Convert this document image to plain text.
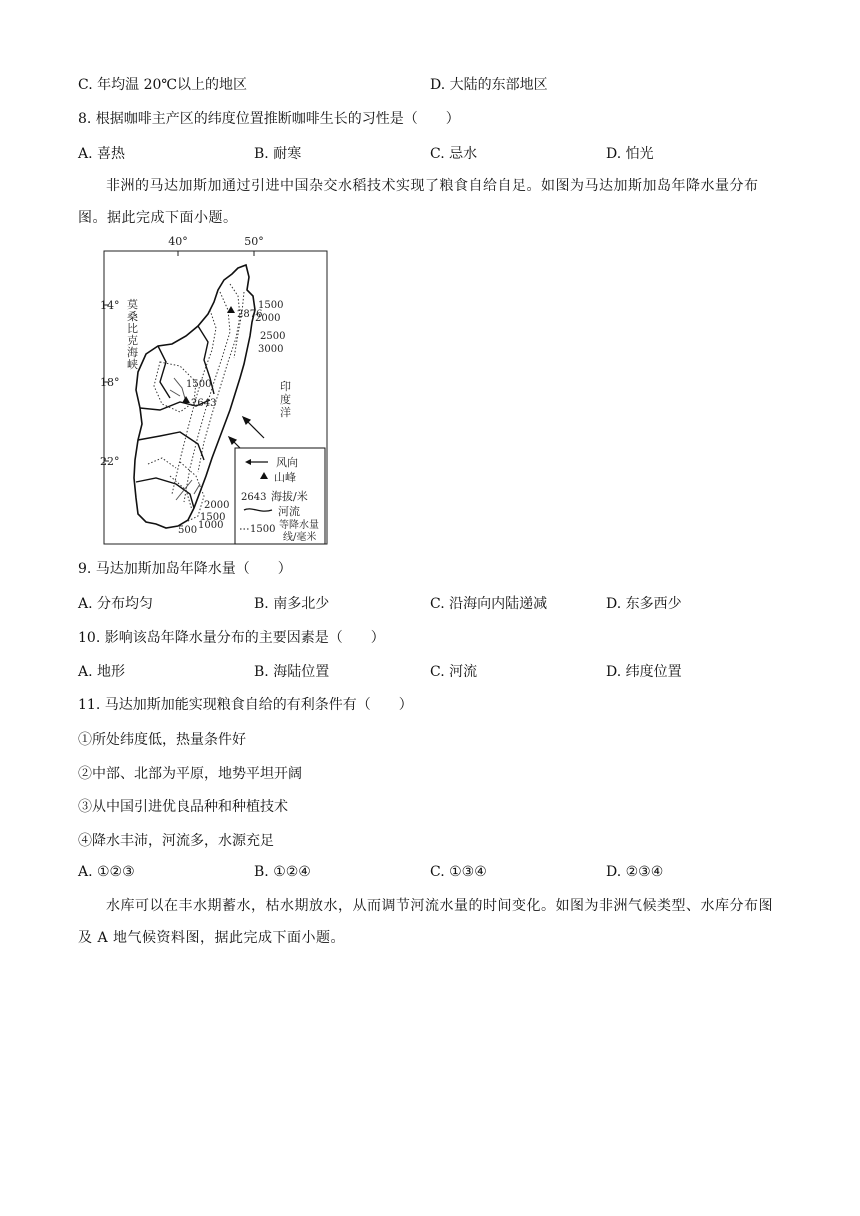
C. 年均温 20℃以上的地区	D. 大陆的东部地区
8. 根据咖啡主产区的纬度位置推断咖啡生长的习性是（　　）
A. 喜热	B. 耐寒	C. 忌水	D. 怕光
非洲的马达加斯加通过引进中国杂交水稻技术实现了粮食自给自足。如图为马达加斯加岛年降水量分布图。据此完成下面小题。
40°	50°
14°
18°
22°
莫
桑
比
克
海
峡
2876
2643
1500
1500
2000
2500
3000
2000
1500
1000
500
印
度
洋
风向
山峰
2643 海拔/米
河流
1500 等降水量
线/毫米
9. 马达加斯加岛年降水量（　　）
A. 分布均匀	B. 南多北少	C. 沿海向内陆递减	D. 东多西少
10. 影响该岛年降水量分布的主要因素是（　　）
A. 地形	B. 海陆位置	C. 河流	D. 纬度位置
11. 马达加斯加能实现粮食自给的有利条件有（　　）
①所处纬度低，热量条件好
②中部、北部为平原，地势平坦开阔
③从中国引进优良品种和种植技术
④降水丰沛，河流多，水源充足
A. ①②③	B. ①②④	C. ①③④	D. ②③④
水库可以在丰水期蓄水，枯水期放水，从而调节河流水量的时间变化。如图为非洲气候类型、水库分布图及 A 地气候资料图，据此完成下面小题。
